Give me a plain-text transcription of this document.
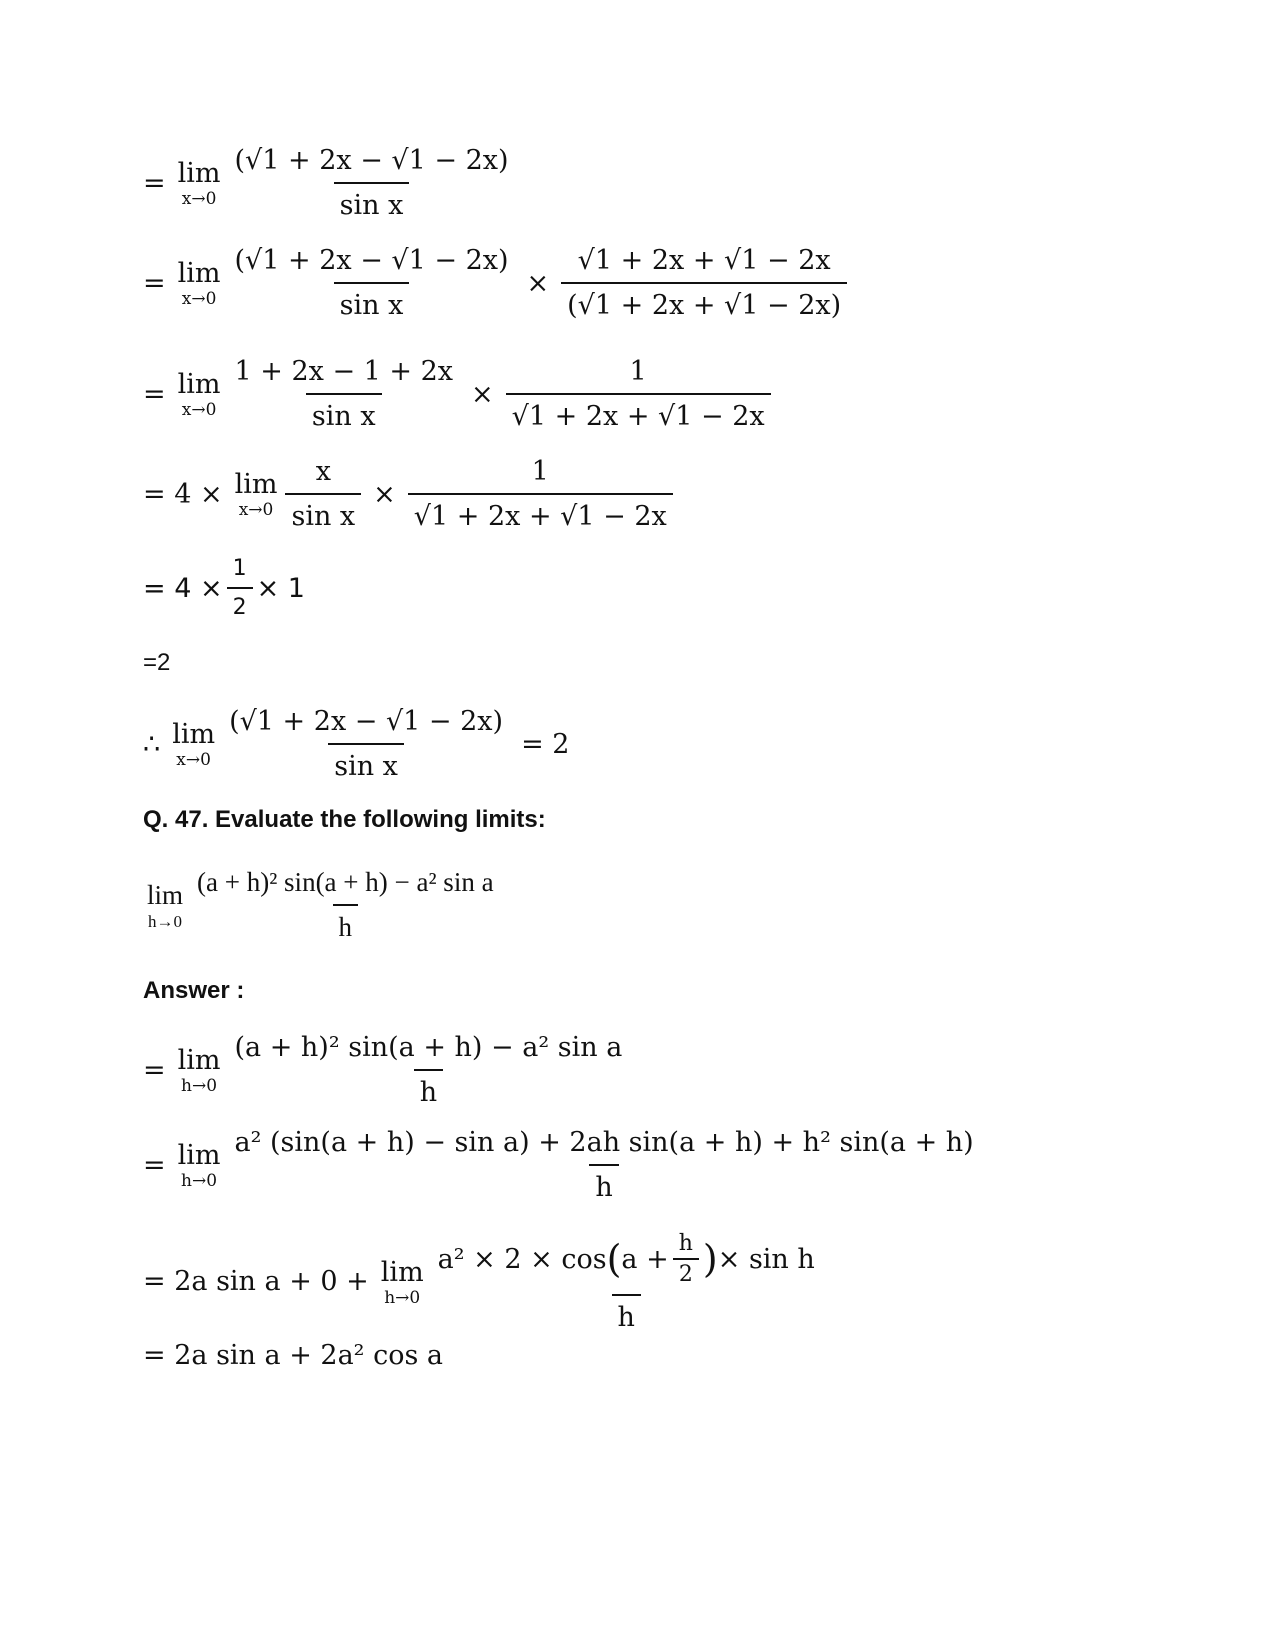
= lim
$x\to 0 \frac{(√1 + 2x - √1 - 2x)}{\text{sin x}}$
= lim
$x\to 0 \frac{(√1 + 2x - √1 - 2x)}{\text{sin x}} \times \frac{√1 + 2x + √1 - 2x}{(√1 + 2x + √1 - 2x)}$
= lim
$x\to 0 \frac{1 + 2x - 1 + 2x}{\text{sin x}} \times \frac{1}{√1 + 2x + √1 - 2x}$
= 4 × lim
$x\to 0 \frac{x}{\text{sin x}} \times \frac{1}{√1 + 2x + √1 - 2x}$
= $4 \times \frac{1}{2} \times 1$
=2
∴ lim
$x\to 0 \frac{(√1 + 2x - √1 - 2x)}{\text{sin x}} = 2$
Q. 47. Evaluate the following limits:
lim
$h\to 0 \frac{\text{(a + h)² sin(a + h) − a² sin a}}{h}$
Answer :
= lim
$h\to 0 \frac{\text{(a + h)² sin(a + h) − a² sin a}}{h}$
= lim
$h\to 0 \frac{\text{a² (sin(a + h) − sin a) + 2ah sin(a + h) + h² sin(a + h)}}{h}$
= 2a sin a + 0 + lim
h→0
a² × 2 × cos ( $a + \frac{h}{2}$ ) × sin h
h
= 2a sin a + 2a² cos a
